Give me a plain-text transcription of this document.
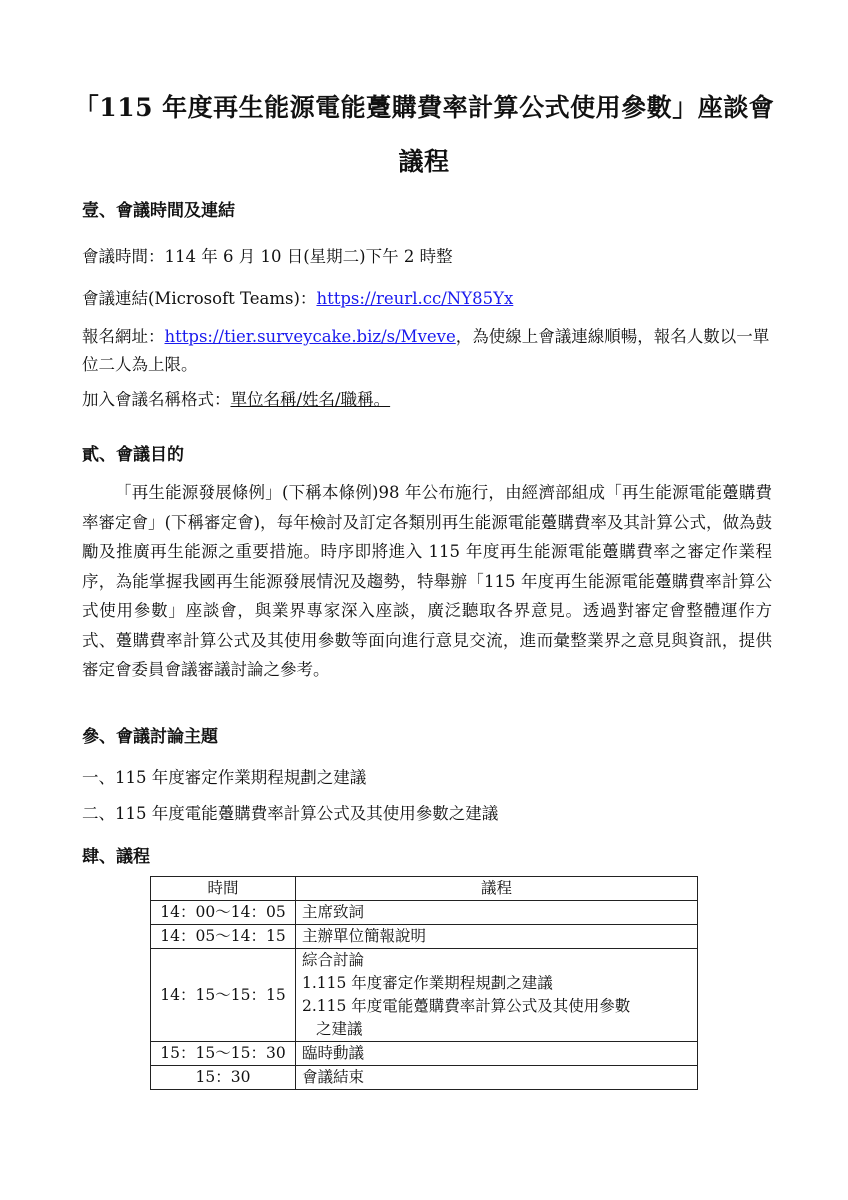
「115 年度再生能源電能躉購費率計算公式使用參數」座談會
議程
壹、會議時間及連結
會議時間：114 年 6 月 10 日(星期二)下午 2 時整
會議連結(Microsoft Teams)：https://reurl.cc/NY85Yx
報名網址：https://tier.surveycake.biz/s/Mveve，為使線上會議連線順暢，報名人數以一單位二人為上限。
加入會議名稱格式：單位名稱/姓名/職稱。
貳、會議目的
「再生能源發展條例」(下稱本條例)98 年公布施行，由經濟部組成「再生能源電能躉購費率審定會」(下稱審定會)，每年檢討及訂定各類別再生能源電能躉購費率及其計算公式，做為鼓勵及推廣再生能源之重要措施。時序即將進入 115 年度再生能源電能躉購費率之審定作業程序，為能掌握我國再生能源發展情況及趨勢，特舉辦「115 年度再生能源電能躉購費率計算公式使用參數」座談會，與業界專家深入座談，廣泛聽取各界意見。透過對審定會整體運作方式、躉購費率計算公式及其使用參數等面向進行意見交流，進而彙整業界之意見與資訊，提供審定會委員會議審議討論之參考。
參、會議討論主題
一、115 年度審定作業期程規劃之建議
二、115 年度電能躉購費率計算公式及其使用參數之建議
肆、議程
時間	議程
14：00～14：05	主席致詞
14：05～14：15	主辦單位簡報說明
14：15～15：15	綜合討論
1.115 年度審定作業期程規劃之建議
2.115 年度電能躉購費率計算公式及其使用參數
之建議

15：15～15：30	臨時動議
15：30	會議結束
